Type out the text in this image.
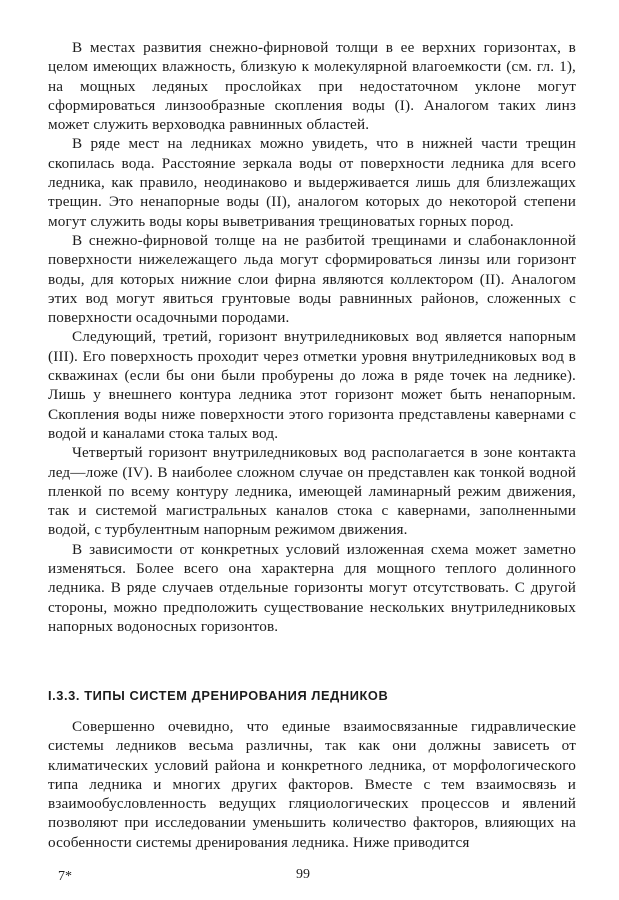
В местах развития снежно-фирновой толщи в ее верхних горизонтах, в целом имеющих влажность, близкую к молекулярной влагоемкости (см. гл. 1), на мощных ледяных прослойках при недостаточном уклоне могут сформироваться линзообразные скопления воды (I). Аналогом таких линз может служить верховодка равнинных областей.

В ряде мест на ледниках можно увидеть, что в нижней части трещин скопилась вода. Расстояние зеркала воды от поверхности ледника для всего ледника, как правило, неодинаково и выдерживается лишь для близлежащих трещин. Это ненапорные воды (II), аналогом которых до некоторой степени могут служить воды коры выветривания трещиноватых горных пород.

В снежно-фирновой толще на не разбитой трещинами и слабонаклонной поверхности нижележащего льда могут сформироваться линзы или горизонт воды, для которых нижние слои фирна являются коллектором (II). Аналогом этих вод могут явиться грунтовые воды равнинных районов, сложенных с поверхности осадочными породами.

Следующий, третий, горизонт внутриледниковых вод является напорным (III). Его поверхность проходит через отметки уровня внутриледниковых вод в скважинах (если бы они были пробурены до ложа в ряде точек на леднике). Лишь у внешнего контура ледника этот горизонт может быть ненапорным. Скопления воды ниже поверхности этого горизонта представлены кавернами с водой и каналами стока талых вод.

Четвертый горизонт внутриледниковых вод располагается в зоне контакта лед—ложе (IV). В наиболее сложном случае он представлен как тонкой водной пленкой по всему контуру ледника, имеющей ламинарный режим движения, так и системой магистральных каналов стока с кавернами, заполненными водой, с турбулентным напорным режимом движения.

В зависимости от конкретных условий изложенная схема может заметно изменяться. Более всего она характерна для мощного теплого долинного ледника. В ряде случаев отдельные горизонты могут отсутствовать. С другой стороны, можно предположить существование нескольких внутриледниковых напорных водоносных горизонтов.

I.3.3. ТИПЫ СИСТЕМ ДРЕНИРОВАНИЯ ЛЕДНИКОВ

Совершенно очевидно, что единые взаимосвязанные гидравлические системы ледников весьма различны, так как они должны зависеть от климатических условий района и конкретного ледника, от морфологического типа ледника и многих других факторов. Вместе с тем взаимосвязь и взаимообусловленность ведущих гляциологических процессов и явлений позволяют при исследовании уменьшить количество факторов, влияющих на особенности системы дренирования ледника. Ниже приводится

7*	99
